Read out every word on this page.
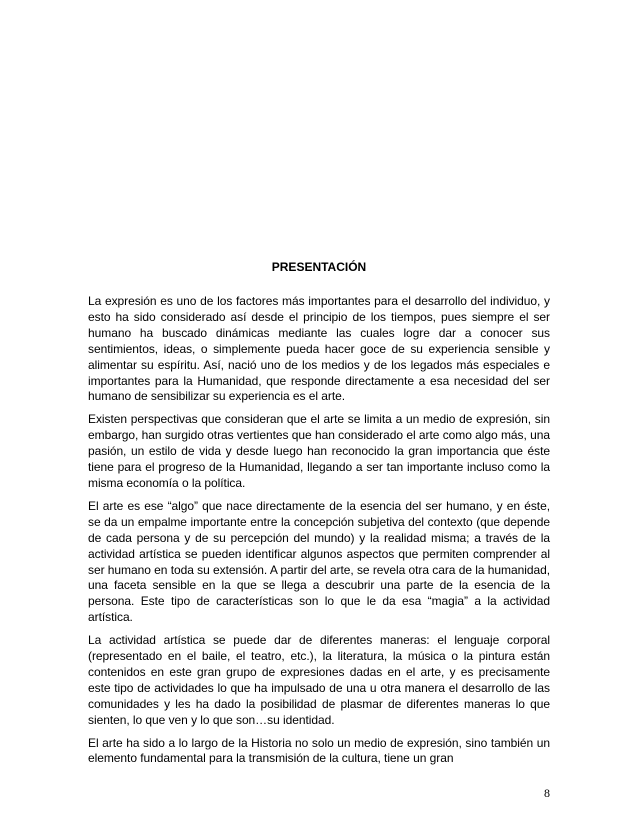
PRESENTACIÓN

La expresión es uno de los factores más importantes para el desarrollo del individuo, y esto ha sido considerado así desde el principio de los tiempos, pues siempre el ser humano ha buscado dinámicas mediante las cuales logre dar a conocer sus sentimientos, ideas, o simplemente pueda hacer goce de su experiencia sensible y alimentar su espíritu. Así, nació uno de los medios y de los legados más especiales e importantes para la Humanidad, que responde directamente a esa necesidad del ser humano de sensibilizar su experiencia es el arte.

Existen perspectivas que consideran que el arte se limita a un medio de expresión, sin embargo, han surgido otras vertientes que han considerado el arte como algo más, una pasión, un estilo de vida y desde luego han reconocido la gran importancia que éste tiene para el progreso de la Humanidad, llegando a ser tan importante incluso como la misma economía o la política.

El arte es ese “algo” que nace directamente de la esencia del ser humano, y en éste, se da un empalme importante entre la concepción subjetiva del contexto (que depende de cada persona y de su percepción del mundo) y la realidad misma; a través de la actividad artística se pueden identificar algunos aspectos que permiten comprender al ser humano en toda su extensión. A partir del arte, se revela otra cara de la humanidad, una faceta sensible en la que se llega a descubrir una parte de la esencia de la persona. Este tipo de características son lo que le da esa “magia” a la actividad artística.

La actividad artística se puede dar de diferentes maneras: el lenguaje corporal (representado en el baile, el teatro, etc.), la literatura, la música o la pintura están contenidos en este gran grupo de expresiones dadas en el arte, y es precisamente este tipo de actividades lo que ha impulsado de una u otra manera el desarrollo de las comunidades y les ha dado la posibilidad de plasmar de diferentes maneras lo que sienten, lo que ven y lo que son…su identidad.

El arte ha sido a lo largo de la Historia no solo un medio de expresión, sino también un elemento fundamental para la transmisión de la cultura, tiene un gran

8
